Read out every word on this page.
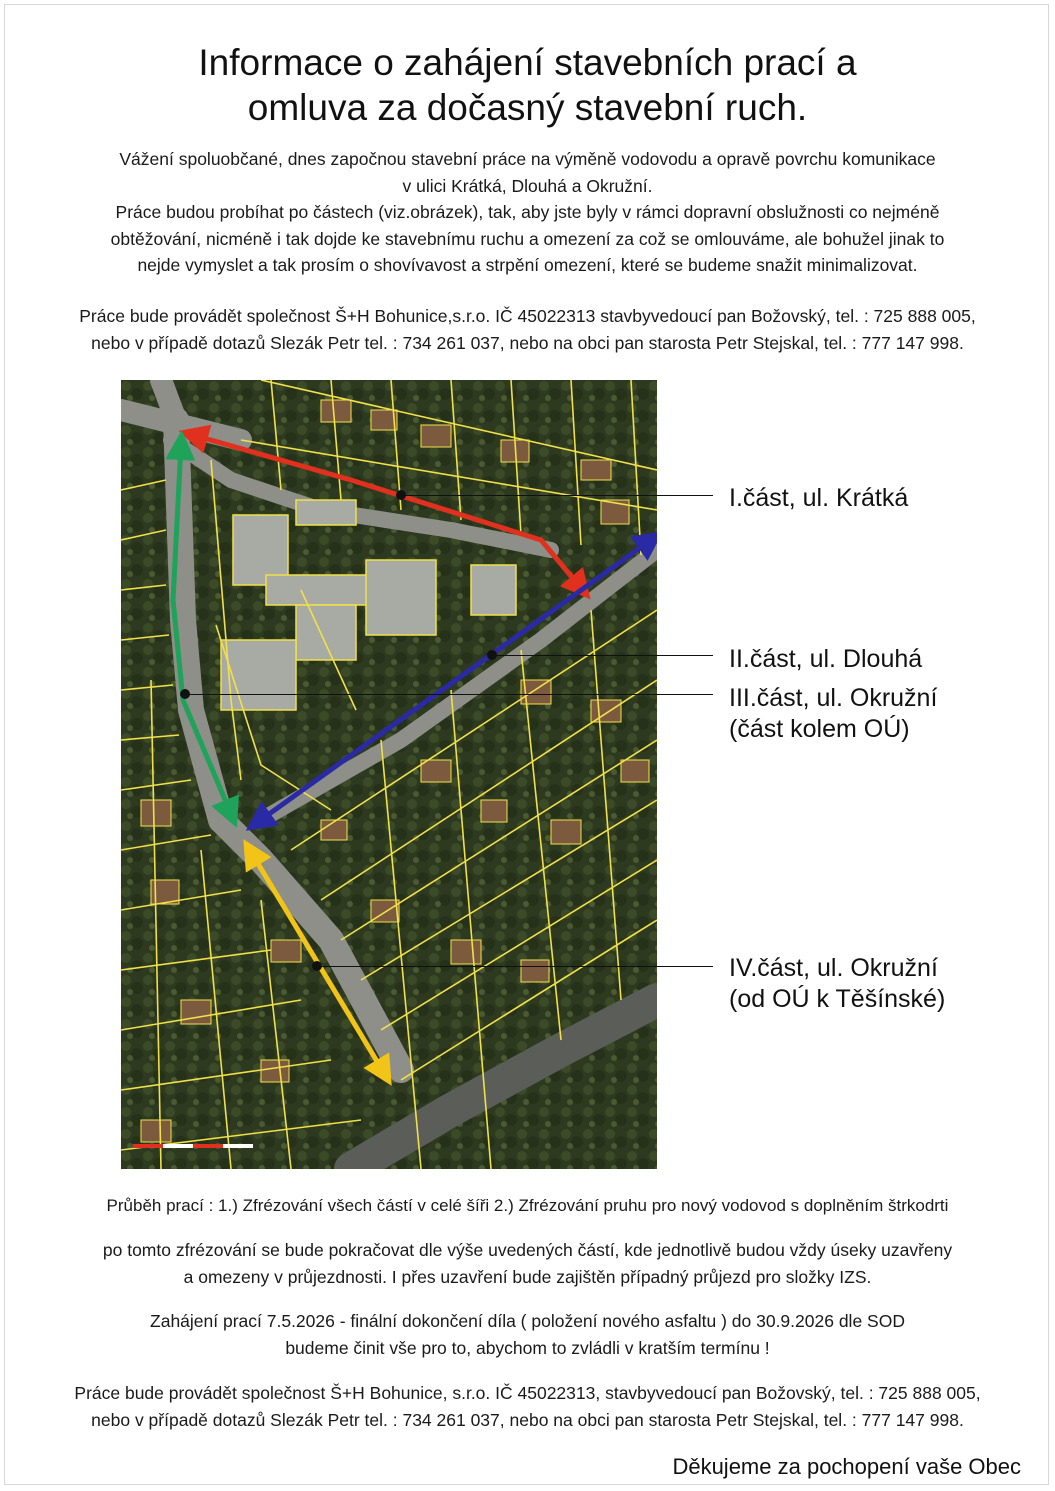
Informace o zahájení stavebních prací a
omluva za dočasný stavební ruch.
Vážení spoluobčané, dnes započnou stavební práce na výměně vodovodu a opravě povrchu komunikace
v ulici Krátká, Dlouhá a Okružní.
Práce budou probíhat po částech (viz.obrázek), tak, aby jste byly v rámci dopravní obslužnosti co nejméně
obtěžování, nicméně i tak dojde ke stavebnímu ruchu a omezení za což se omlouváme, ale bohužel jinak to
nejde vymyslet a tak prosím o shovívavost a strpění omezení, které se budeme snažit minimalizovat.
Práce bude provádět společnost Š+H Bohunice,s.r.o. IČ 45022313 stavbyvedoucí pan Božovský, tel. : 725 888 005,
nebo v případě dotazů Slezák Petr tel. : 734 261 037, nebo na obci pan starosta Petr Stejskal, tel. : 777 147 998.
I.část, ul. Krátká
II.část, ul. Dlouhá
III.část, ul. Okružní
(část kolem OÚ)
IV.část, ul. Okružní
(od OÚ k Těšínské)
Průběh prací : 1.) Zfrézování všech částí v celé šíři 2.) Zfrézování pruhu pro nový vodovod s doplněním štrkodrti
po tomto zfrézování se bude pokračovat dle výše uvedených částí, kde jednotlivě budou vždy úseky uzavřeny
a omezeny v průjezdnosti. I přes uzavření bude zajištěn případný průjezd pro složky IZS.
Zahájení prací 7.5.2026 - finální dokončení díla ( položení nového asfaltu ) do 30.9.2026 dle SOD
budeme činit vše pro to, abychom to zvládli v kratším termínu !
Práce bude provádět společnost Š+H Bohunice, s.r.o. IČ 45022313, stavbyvedoucí pan Božovský, tel. : 725 888 005,
nebo v případě dotazů Slezák Petr tel. : 734 261 037, nebo na obci pan starosta Petr Stejskal, tel. : 777 147 998.
Děkujeme za pochopení vaše Obec
